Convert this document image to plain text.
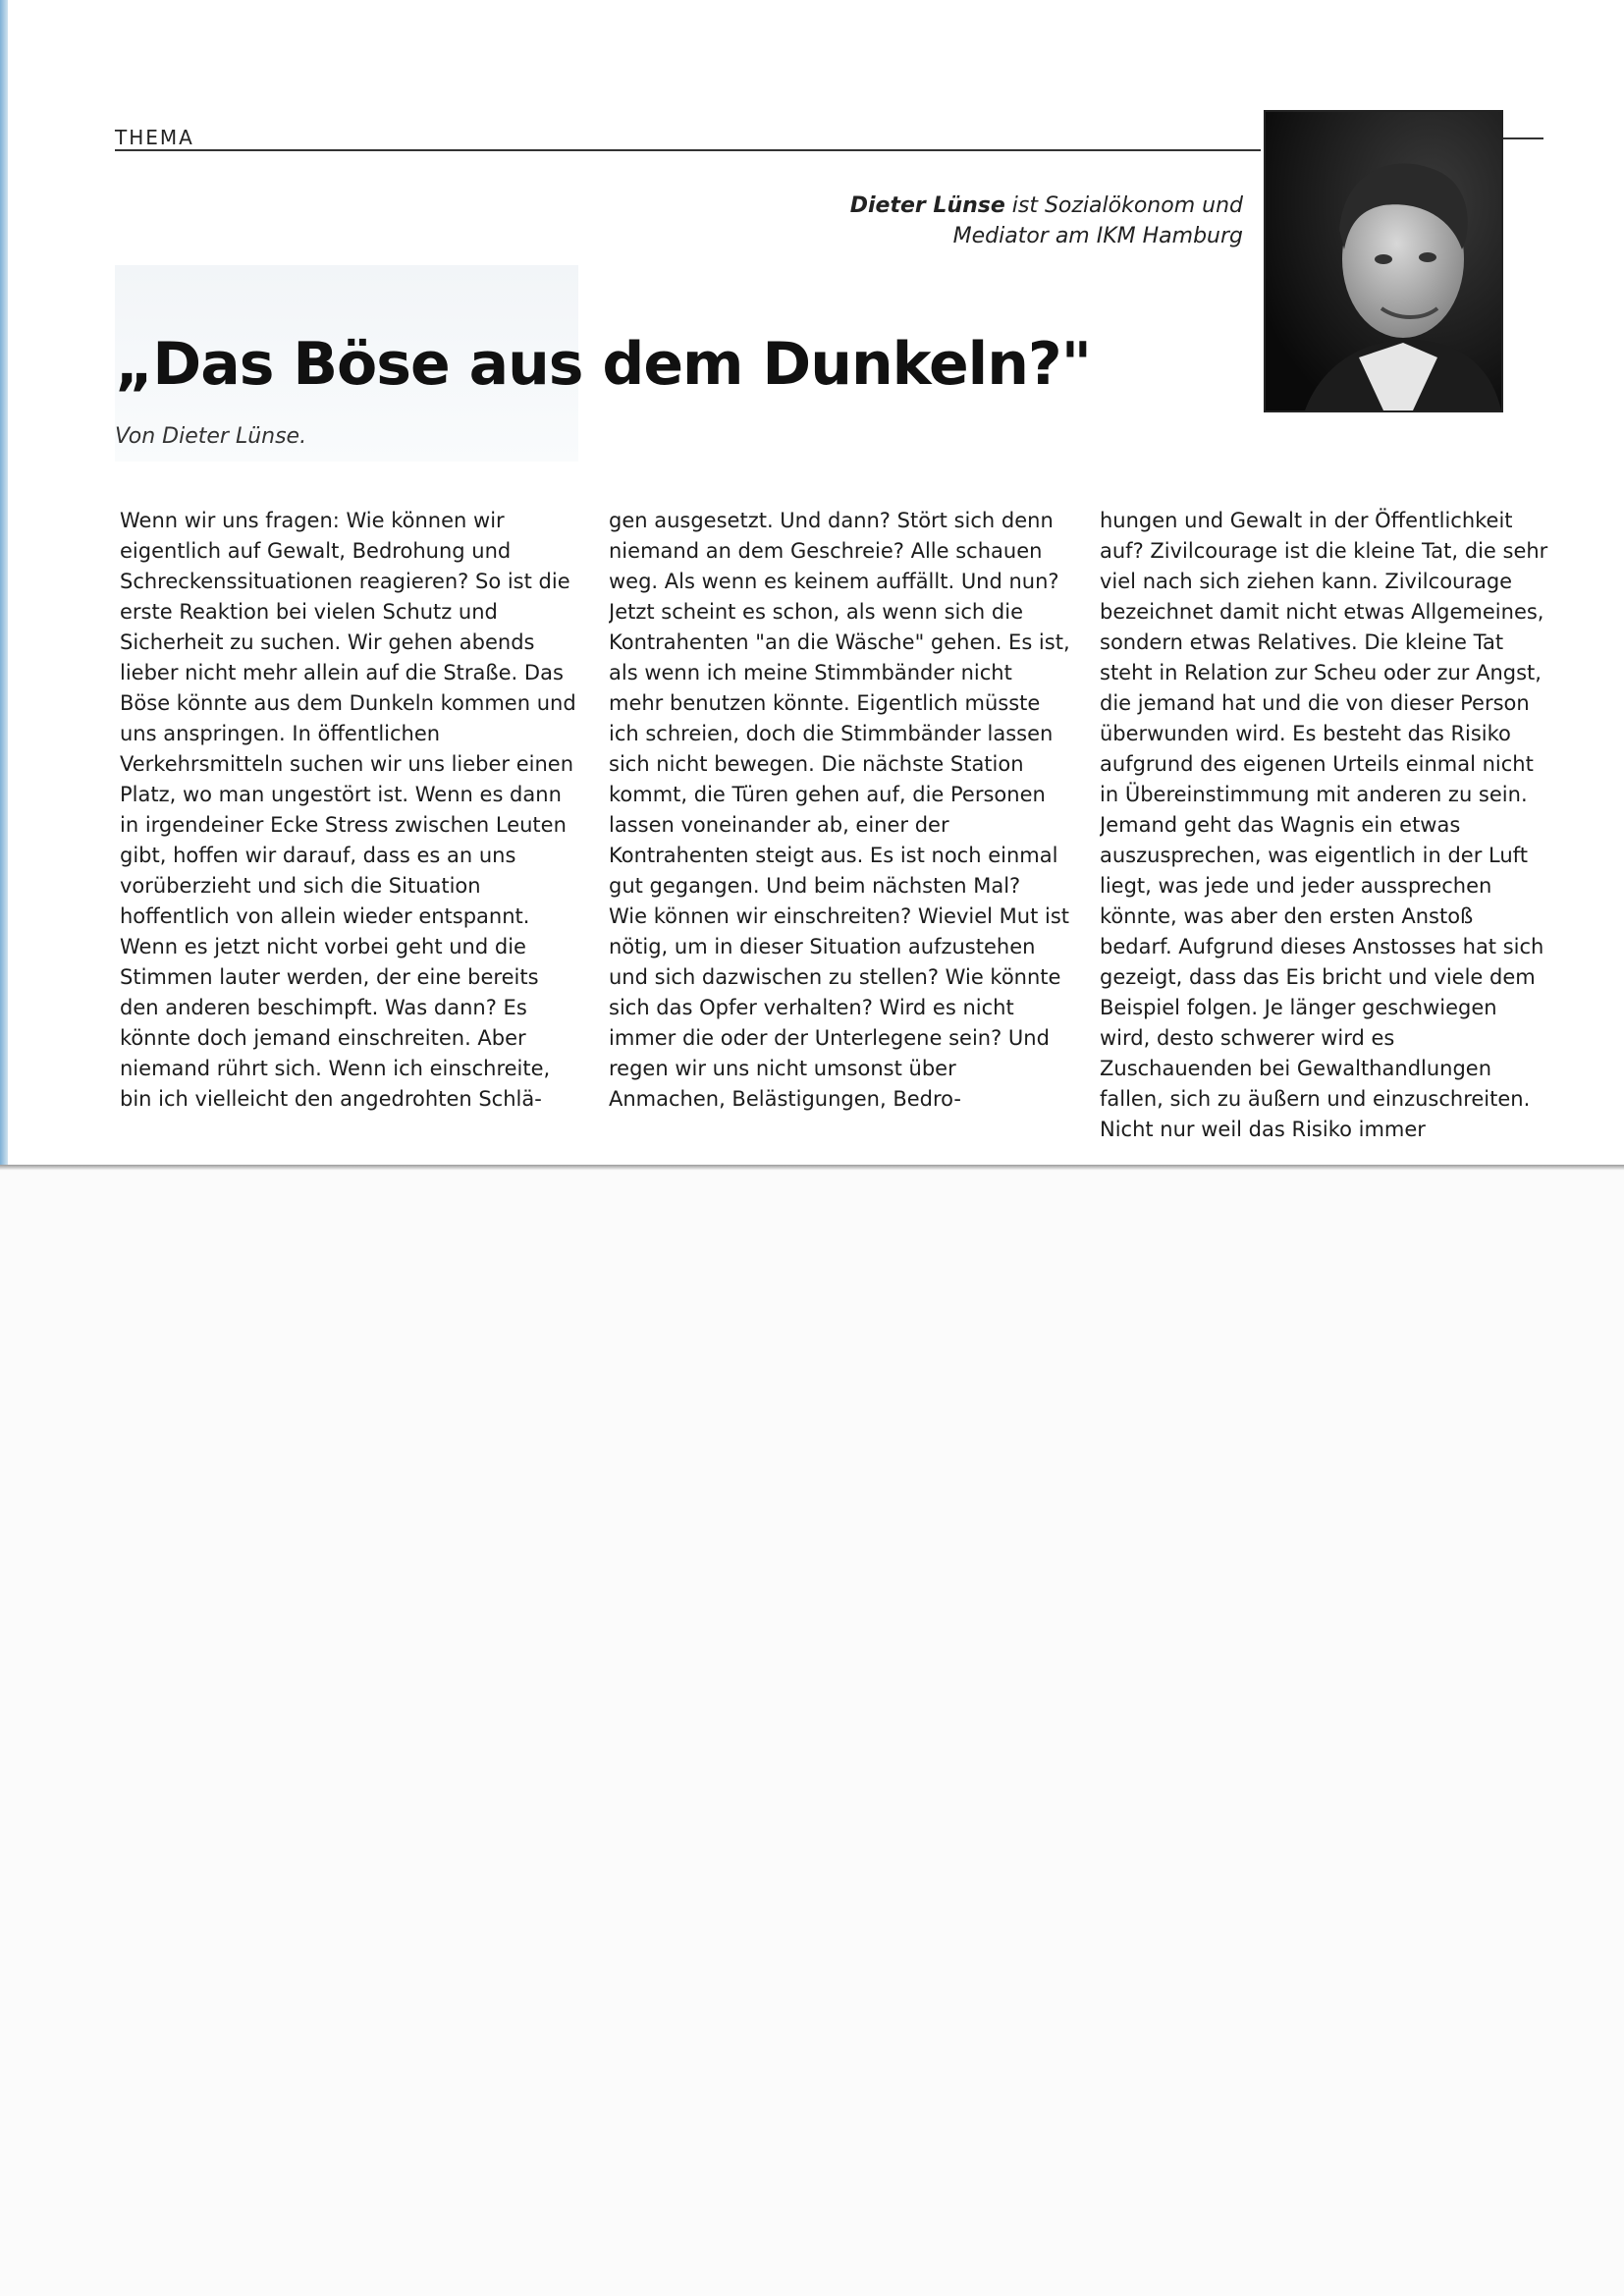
THEMA
Dieter Lünse ist Sozialökonom und
Mediator am IKM Hamburg
„Das Böse aus dem Dunkeln?"
Von Dieter Lünse.

Wenn wir uns fragen: Wie können wir eigentlich auf Gewalt, Bedrohung und Schreckenssituationen reagieren? So ist die erste Reaktion bei vielen Schutz und Sicherheit zu suchen. Wir gehen abends lieber nicht mehr allein auf die Straße. Das Böse könnte aus dem Dunkeln kommen und uns anspringen. In öffentlichen Verkehrsmitteln suchen wir uns lieber einen Platz, wo man ungestört ist. Wenn es dann in irgendeiner Ecke Stress zwischen Leuten gibt, hoffen wir darauf, dass es an uns vorüberzieht und sich die Situation hoffentlich von allein wieder entspannt.

Wenn es jetzt nicht vorbei geht und die Stimmen lauter werden, der eine bereits den anderen beschimpft. Was dann? Es könnte doch jemand einschreiten. Aber niemand rührt sich. Wenn ich einschreite, bin ich vielleicht den angedrohten Schlä-

gen ausgesetzt. Und dann? Stört sich denn niemand an dem Geschreie? Alle schauen weg. Als wenn es keinem auffällt. Und nun? Jetzt scheint es schon, als wenn sich die Kontrahenten "an die Wäsche" gehen. Es ist, als wenn ich meine Stimmbänder nicht mehr benutzen könnte. Eigentlich müsste ich schreien, doch die Stimmbänder lassen sich nicht bewegen. Die nächste Station kommt, die Türen gehen auf, die Personen lassen voneinander ab, einer der Kontrahenten steigt aus. Es ist noch einmal gut gegangen. Und beim nächsten Mal?

Wie können wir einschreiten? Wieviel Mut ist nötig, um in dieser Situation aufzustehen und sich dazwischen zu stellen? Wie könnte sich das Opfer verhalten? Wird es nicht immer die oder der Unterlegene sein? Und regen wir uns nicht umsonst über Anmachen, Belästigungen, Bedro-

hungen und Gewalt in der Öffentlichkeit auf? Zivilcourage ist die kleine Tat, die sehr viel nach sich ziehen kann. Zivilcourage bezeichnet damit nicht etwas Allgemeines, sondern etwas Relatives. Die kleine Tat steht in Relation zur Scheu oder zur Angst, die jemand hat und die von dieser Person überwunden wird. Es besteht das Risiko aufgrund des eigenen Urteils einmal nicht in Übereinstimmung mit anderen zu sein. Jemand geht das Wagnis ein etwas auszusprechen, was eigentlich in der Luft liegt, was jede und jeder aussprechen könnte, was aber den ersten Anstoß bedarf. Aufgrund dieses Anstosses hat sich gezeigt, dass das Eis bricht und viele dem Beispiel folgen. Je länger geschwiegen wird, desto schwerer wird es Zuschauenden bei Gewalthandlungen fallen, sich zu äußern und einzuschreiten. Nicht nur weil das Risiko immer
